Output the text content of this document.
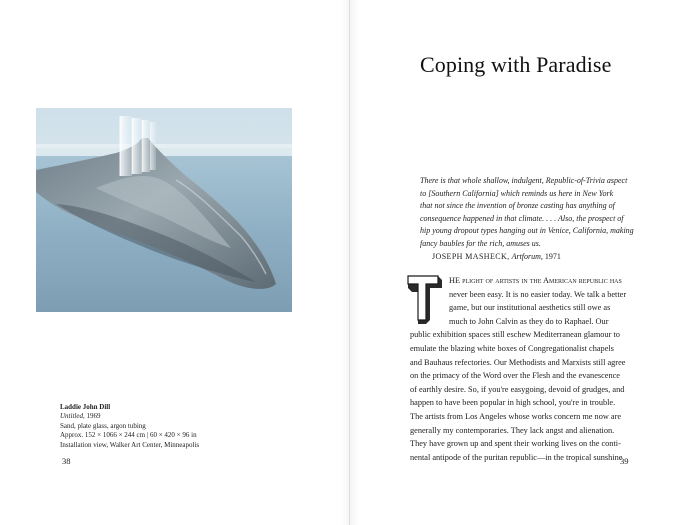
Laddie John Dill
Untitled, 1969
Sand, plate glass, argon tubing
Approx. 152 × 1066 × 244 cm | 60 × 420 × 96 in
Installation view, Walker Art Center, Minneapolis
38
Coping with Paradise
There is that whole shallow, indulgent, Republic-of-Trivia aspect
to [Southern California] which reminds us here in New York
that not since the invention of bronze casting has anything of
consequence happened in that climate. . . . Also, the prospect of
hip young dropout types hanging out in Venice, California, making
fancy baubles for the rich, amuses us.
JOSEPH MASHECK, Artforum, 1971
T
HE plight of artists in the American republic has
never been easy. It is no easier today. We talk a better
game, but our institutional aesthetics still owe as
much to John Calvin as they do to Raphael. Our
public exhibition spaces still eschew Mediterranean glamour to
emulate the blazing white boxes of Congregationalist chapels
and Bauhaus refectories. Our Methodists and Marxists still agree
on the primacy of the Word over the Flesh and the evanescence
of earthly desire. So, if you're easygoing, devoid of grudges, and
happen to have been popular in high school, you're in trouble.
The artists from Los Angeles whose works concern me now are
generally my contemporaries. They lack angst and alienation.
They have grown up and spent their working lives on the conti-
nental antipode of the puritan republic—in the tropical sunshine
39
